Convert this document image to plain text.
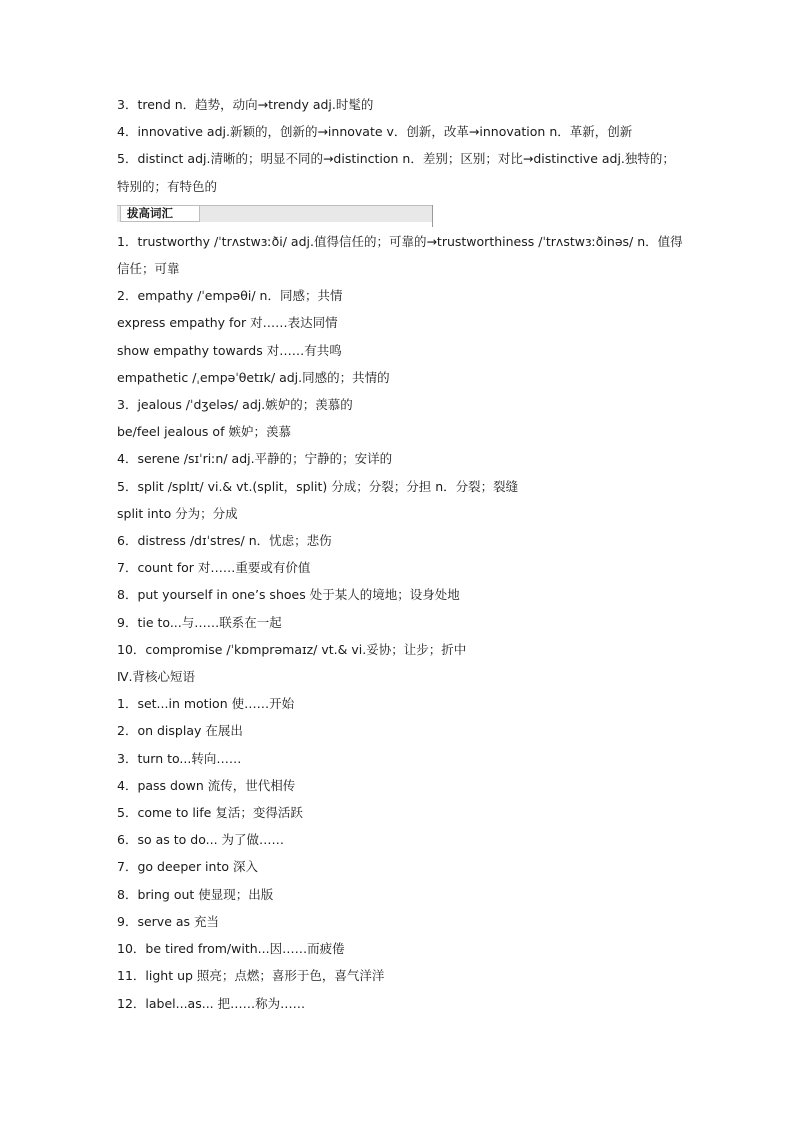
3．trend n．趋势，动向→trendy adj.时髦的
4．innovative adj.新颖的，创新的→innovate v．创新，改革→innovation n．革新，创新
5．distinct adj.清晰的；明显不同的→distinction n．差别；区别；对比→distinctive adj.独特的；特别的；有特色的
拔高词汇
1．trustworthy /ˈtrʌstwɜːði/ adj.值得信任的；可靠的→trustworthiness /ˈtrʌstwɜːðinəs/ n．值得信任；可靠
2．empathy /ˈempəθi/ n．同感；共情
express empathy for 对……表达同情
show empathy towards 对……有共鸣
empathetic /ˌempəˈθetɪk/ adj.同感的；共情的
3．jealous /ˈdʒeləs/ adj.嫉妒的；羡慕的
be/feel jealous of 嫉妒；羡慕
4．serene /sɪˈriːn/ adj.平静的；宁静的；安详的
5．split /splɪt/ vi.& vt.(split，split) 分成；分裂；分担 n．分裂；裂缝
split into 分为；分成
6．distress /dɪˈstres/ n．忧虑；悲伤
7．count for 对……重要或有价值
8．put yourself in one’s shoes 处于某人的境地；设身处地
9．tie to...与……联系在一起
10．compromise /ˈkɒmprəmaɪz/ vt.& vi.妥协；让步；折中
Ⅳ.背核心短语
1．set...in motion 使……开始
2．on display 在展出
3．turn to...转向……
4．pass down 流传，世代相传
5．come to life 复活；变得活跃
6．so as to do... 为了做……
7．go deeper into 深入
8．bring out 使显现；出版
9．serve as 充当
10．be tired from/with...因……而疲倦
11．light up 照亮；点燃；喜形于色，喜气洋洋
12．label...as... 把……称为……
